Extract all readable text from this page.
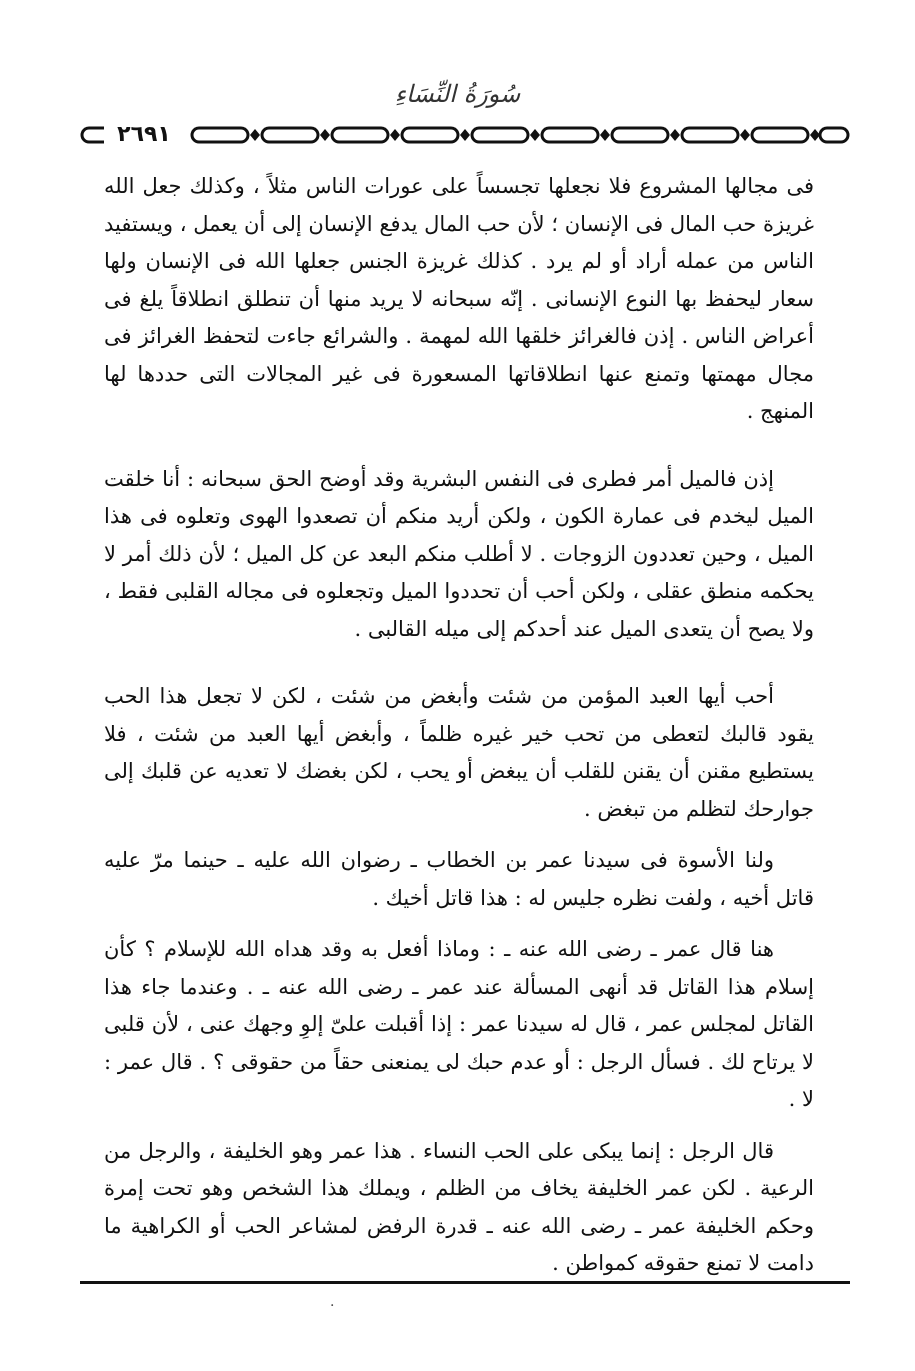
سُورَةُ النِّسَاءِ
٢٦٩١

فى مجالها المشروع فلا نجعلها تجسساً على عورات الناس مثلاً ، وكذلك جعل الله غريزة حب المال فى الإنسان ؛ لأن حب المال يدفع الإنسان إلى أن يعمل ، ويستفيد الناس من عمله أراد أو لم يرد . كذلك غريزة الجنس جعلها الله فى الإنسان ولها سعار ليحفظ بها النوع الإنسانى . إنّه سبحانه لا يريد منها أن تنطلق انطلاقاً يلغ فى أعراض الناس . إذن فالغرائز خلقها الله لمهمة . والشرائع جاءت لتحفظ الغرائز فى مجال مهمتها وتمنع عنها انطلاقاتها المسعورة فى غير المجالات التى حددها لها المنهج .

إذن فالميل أمر فطرى فى النفس البشرية وقد أوضح الحق سبحانه : أنا خلقت الميل ليخدم فى عمارة الكون ، ولكن أريد منكم أن تصعدوا الهوى وتعلوه فى هذا الميل ، وحين تعددون الزوجات . لا أطلب منكم البعد عن كل الميل ؛ لأن ذلك أمر لا يحكمه منطق عقلى ، ولكن أحب أن تحددوا الميل وتجعلوه فى مجاله القلبى فقط ، ولا يصح أن يتعدى الميل عند أحدكم إلى ميله القالبى .

أحب أيها العبد المؤمن من شئت وأبغض من شئت ، لكن لا تجعل هذا الحب يقود قالبك لتعطى من تحب خير غيره ظلماً ، وأبغض أيها العبد من شئت ، فلا يستطيع مقنن أن يقنن للقلب أن يبغض أو يحب ، لكن بغضك لا تعديه عن قلبك إلى جوارحك لتظلم من تبغض .

ولنا الأسوة فى سيدنا عمر بن الخطاب ـ رضوان الله عليه ـ حينما مرّ عليه قاتل أخيه ، ولفت نظره جليس له : هذا قاتل أخيك .

هنا قال عمر ـ رضى الله عنه ـ : وماذا أفعل به وقد هداه الله للإسلام ؟ كأن إسلام هذا القاتل قد أنهى المسألة عند عمر ـ رضى الله عنه ـ . وعندما جاء هذا القاتل لمجلس عمر ، قال له سيدنا عمر : إذا أقبلت علىّ إلوِ وجهك عنى ، لأن قلبى لا يرتاح لك . فسأل الرجل : أو عدم حبك لى يمنعنى حقاً من حقوقى ؟ . قال عمر : لا .

قال الرجل : إنما يبكى على الحب النساء . هذا عمر وهو الخليفة ، والرجل من الرعية . لكن عمر الخليفة يخاف من الظلم ، ويملك هذا الشخص وهو تحت إمرة وحكم الخليفة عمر ـ رضى الله عنه ـ قدرة الرفض لمشاعر الحب أو الكراهية ما دامت لا تمنع حقوقه كمواطن .

·
